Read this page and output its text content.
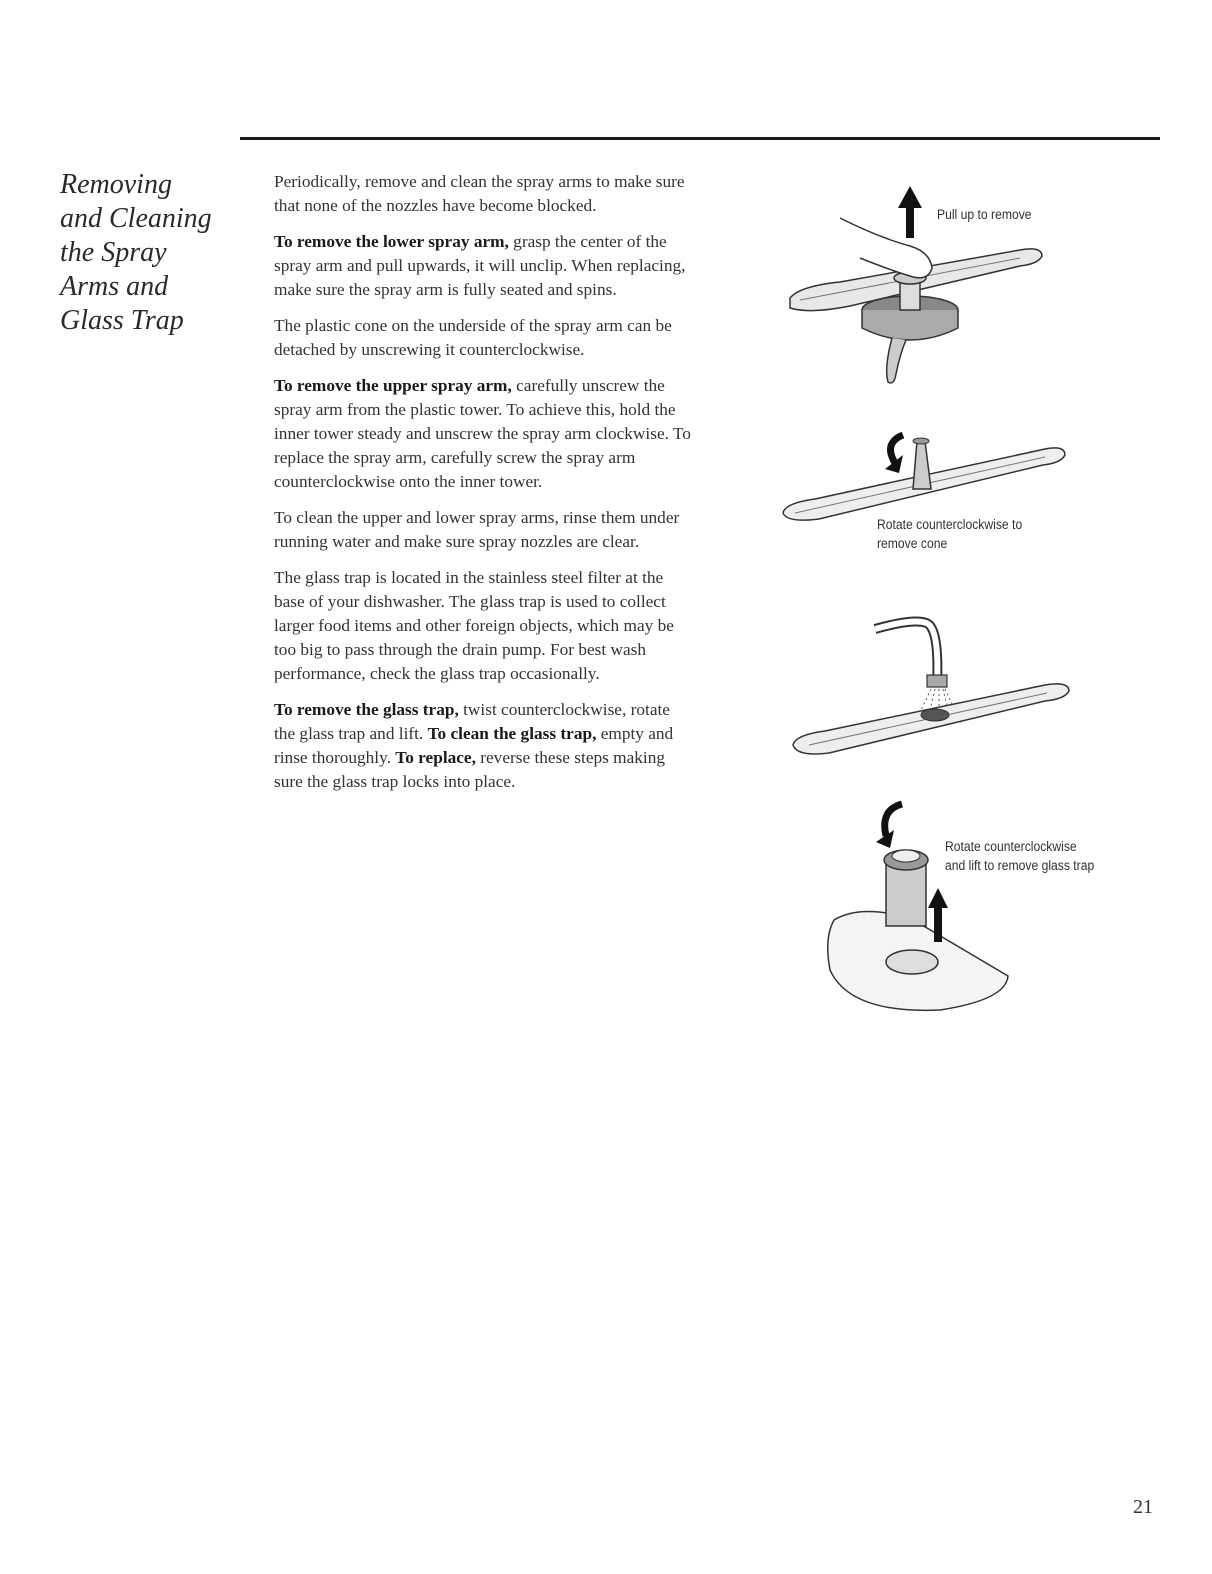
Removing
and Cleaning
the Spray
Arms and
Glass Trap

Periodically, remove and clean the spray arms to make sure that none of the nozzles have become blocked.

To remove the lower spray arm, grasp the center of the spray arm and pull upwards, it will unclip. When replacing, make sure the spray arm is fully seated and spins.

The plastic cone on the underside of the spray arm can be detached by unscrewing it counterclockwise.

To remove the upper spray arm, carefully unscrew the spray arm from the plastic tower. To achieve this, hold the inner tower steady and unscrew the spray arm clockwise. To replace the spray arm, carefully screw the spray arm counterclockwise onto the inner tower.

To clean the upper and lower spray arms, rinse them under running water and make sure spray nozzles are clear.

The glass trap is located in the stainless steel filter at the base of your dishwasher. The glass trap is used to collect larger food items and other foreign objects, which may be too big to pass through the drain pump. For best wash performance, check the glass trap occasionally.

To remove the glass trap, twist counterclockwise, rotate the glass trap and lift. To clean the glass trap, empty and rinse thoroughly. To replace, reverse these steps making sure the glass trap locks into place.

Pull up to remove
Rotate counterclockwise to
remove cone
Rotate counterclockwise
and lift to remove glass trap
21
